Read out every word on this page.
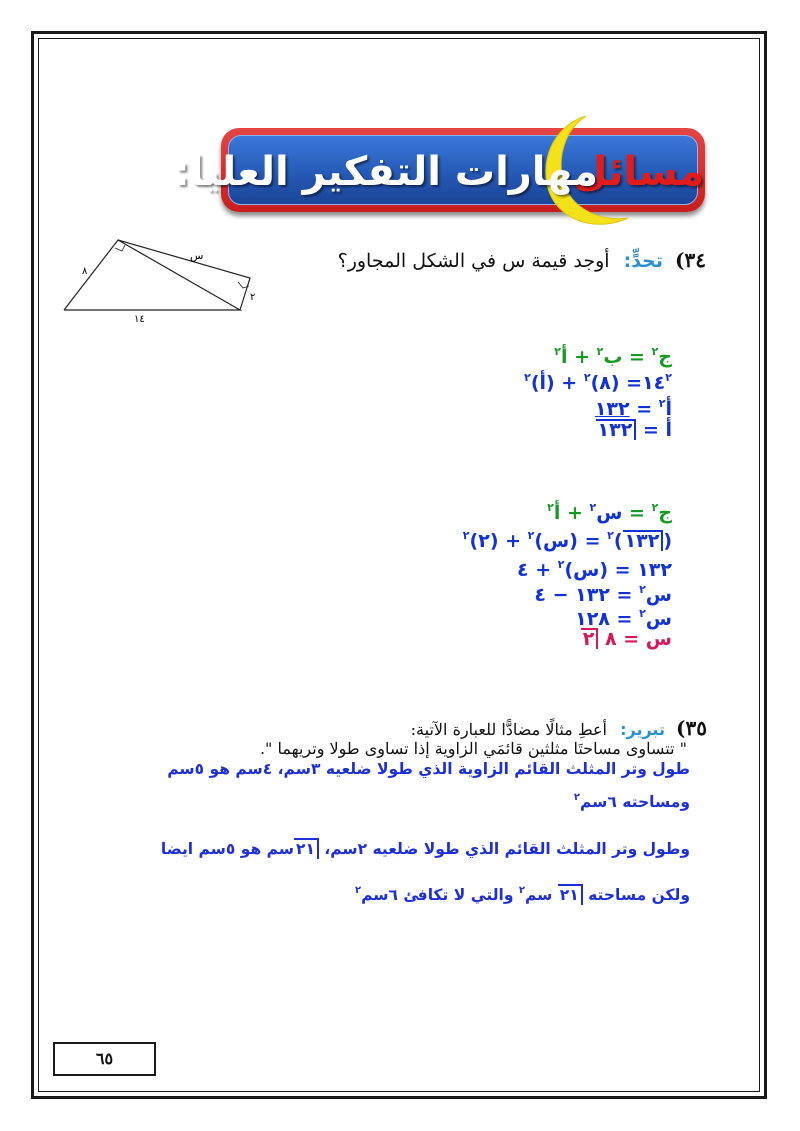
مسائل
مهارات التفكير العليا:
٣٤) تحدٍّ: أوجد قيمة س في الشكل المجاور؟
س
٨
١٤
٢
ج$^٢$ = ب$^٢$ + أ$^٢$
$١٤^٢=$ (٨)$^٢$ + (أ)$^٢$
أ$^٢$ = ١٣٢
أ = ١٣٢
ج$^٢$ = س$^٢$ + أ$^٢$
(١٣٢)$^٢$ = (س)$^٢$ + (٢)$^٢$
١٣٢ = (س)$^٢$ + ٤
س$^٢$ = ١٣٢ − ٤
س$^٢$ = ١٢٨
س = ٨ ٢
٣٥) تبرير: أعطِ مثالًا مضادًّا للعبارة الآتية:
" تتساوى مساحتَا مثلثين قائمَي الزاوية إذا تساوى طولا وتريهما ".
طول وتر المثلث القائم الزاوية الذي طولا ضلعيه ٣سم، ٤سم هو ٥سم
ومساحته ٦سم$^٢$
وطول وتر المثلث القائم الذي طولا ضلعيه ٢سم، ٢١سم هو ٥سم ايضا
ولكن مساحته ٢١ سم$^٢$ والتي لا تكافئ ٦سم$^٢$
٦٥
